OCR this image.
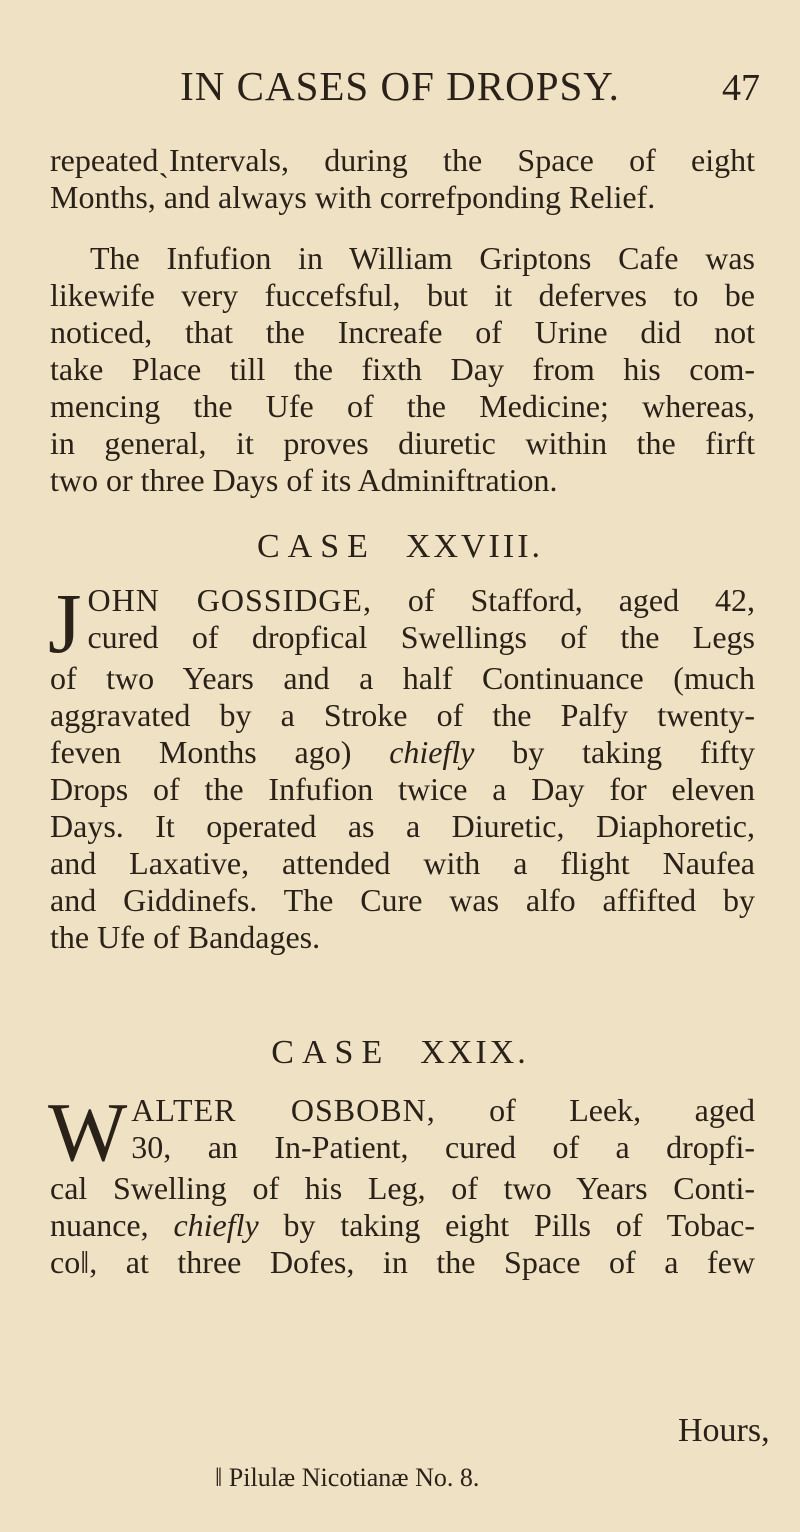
IN CASES OF DROPSY.	47
repeatedˎIntervals, during the Space of eight
Months, and always with correfponding Relief.
The Infufion in William Griptons Cafe was
likewife very fuccefsful, but it deferves to be
noticed, that the Increafe of Urine did not
take Place till the fixth Day from his com-
mencing the Ufe of the Medicine; whereas,
in general, it proves diuretic within the firft
two or three Days of its Adminiftration.
CASE XXVIII.
J OHN GOSSIDGE, of Stafford, aged 42,
cured of dropfical Swellings of the Legs
of two Years and a half Continuance (much
aggravated by a Stroke of the Palfy twenty-
feven Months ago) chiefly by taking fifty
Drops of the Infufion twice a Day for eleven
Days. It operated as a Diuretic, Diaphoretic,
and Laxative, attended with a flight Naufea
and Giddinefs. The Cure was alfo affifted by
the Ufe of Bandages.
CASE XXIX.
W ALTER OSBOBN, of Leek, aged
30, an In-Patient, cured of a dropfi-
cal Swelling of his Leg, of two Years Conti-
nuance, chiefly by taking eight Pills of Tobac-
co‖, at three Dofes, in the Space of a few
Hours,
‖ Pilulæ Nicotianæ No. 8.
